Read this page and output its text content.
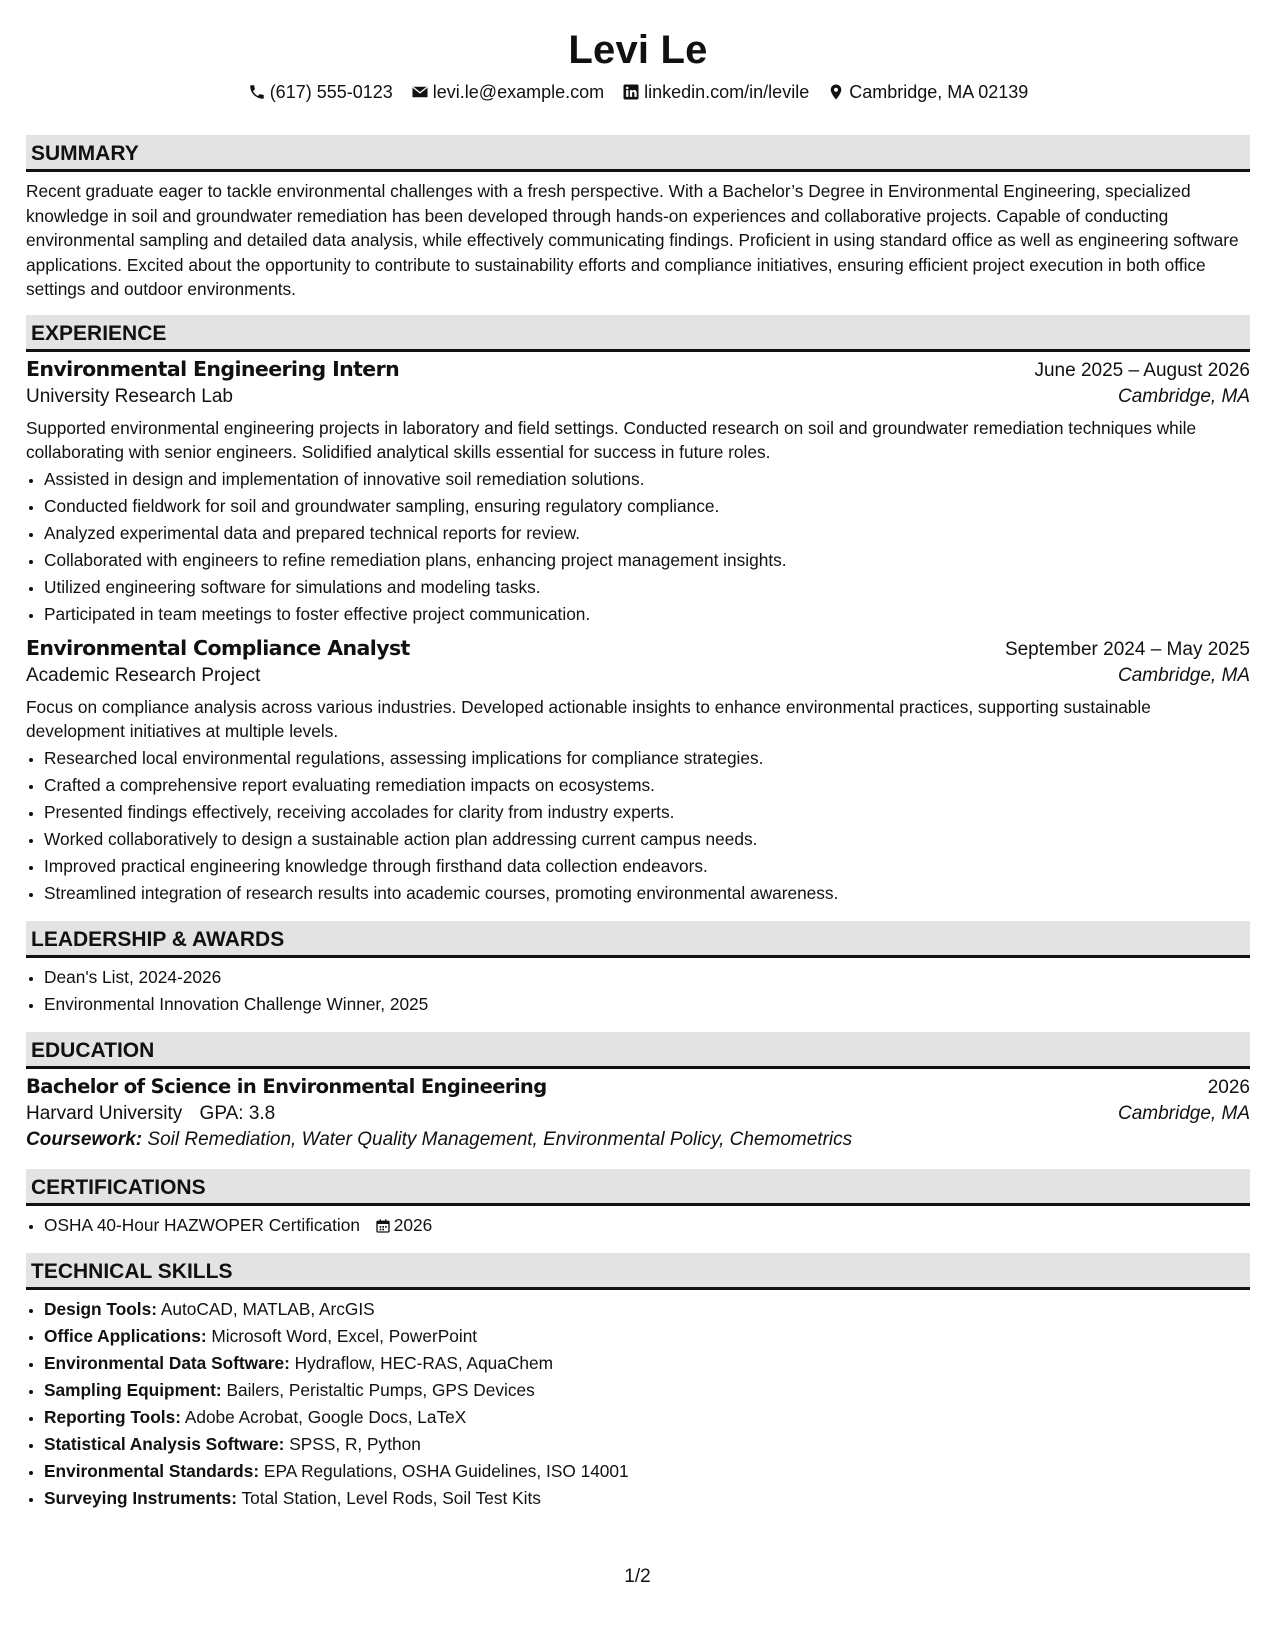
Levi Le
(617) 555-0123 levi.le@example.com linkedin.com/in/levile Cambridge, MA 02139
SUMMARY

Recent graduate eager to tackle environmental challenges with a fresh perspective. With a Bachelor’s Degree in Environmental Engineering, specialized knowledge in soil and groundwater remediation has been developed through hands-on experiences and collaborative projects. Capable of conducting environmental sampling and detailed data analysis, while effectively communicating findings. Proficient in using standard office as well as engineering software applications. Excited about the opportunity to contribute to sustainability efforts and compliance initiatives, ensuring efficient project execution in both office settings and outdoor environments.

EXPERIENCE
Environmental Engineering Intern	June 2025 – August 2026
University Research Lab	Cambridge, MA

Supported environmental engineering projects in laboratory and field settings. Conducted research on soil and groundwater remediation techniques while collaborating with senior engineers. Solidified analytical skills essential for success in future roles.

• Assisted in design and implementation of innovative soil remediation solutions.
• Conducted fieldwork for soil and groundwater sampling, ensuring regulatory compliance.
• Analyzed experimental data and prepared technical reports for review.
• Collaborated with engineers to refine remediation plans, enhancing project management insights.
• Utilized engineering software for simulations and modeling tasks.
• Participated in team meetings to foster effective project communication.
Environmental Compliance Analyst	September 2024 – May 2025
Academic Research Project	Cambridge, MA

Focus on compliance analysis across various industries. Developed actionable insights to enhance environmental practices, supporting sustainable development initiatives at multiple levels.

• Researched local environmental regulations, assessing implications for compliance strategies.
• Crafted a comprehensive report evaluating remediation impacts on ecosystems.
• Presented findings effectively, receiving accolades for clarity from industry experts.
• Worked collaboratively to design a sustainable action plan addressing current campus needs.
• Improved practical engineering knowledge through firsthand data collection endeavors.
• Streamlined integration of research results into academic courses, promoting environmental awareness.
LEADERSHIP & AWARDS
• Dean's List, 2024-2026
• Environmental Innovation Challenge Winner, 2025
EDUCATION
Bachelor of Science in Environmental Engineering	2026
Harvard University GPA: 3.8	Cambridge, MA
Coursework: Soil Remediation, Water Quality Management, Environmental Policy, Chemometrics
CERTIFICATIONS
• OSHA 40-Hour HAZWOPER Certification 2026
TECHNICAL SKILLS
• Design Tools: AutoCAD, MATLAB, ArcGIS
• Office Applications: Microsoft Word, Excel, PowerPoint
• Environmental Data Software: Hydraflow, HEC-RAS, AquaChem
• Sampling Equipment: Bailers, Peristaltic Pumps, GPS Devices
• Reporting Tools: Adobe Acrobat, Google Docs, LaTeX
• Statistical Analysis Software: SPSS, R, Python
• Environmental Standards: EPA Regulations, OSHA Guidelines, ISO 14001
• Surveying Instruments: Total Station, Level Rods, Soil Test Kits
1/2
